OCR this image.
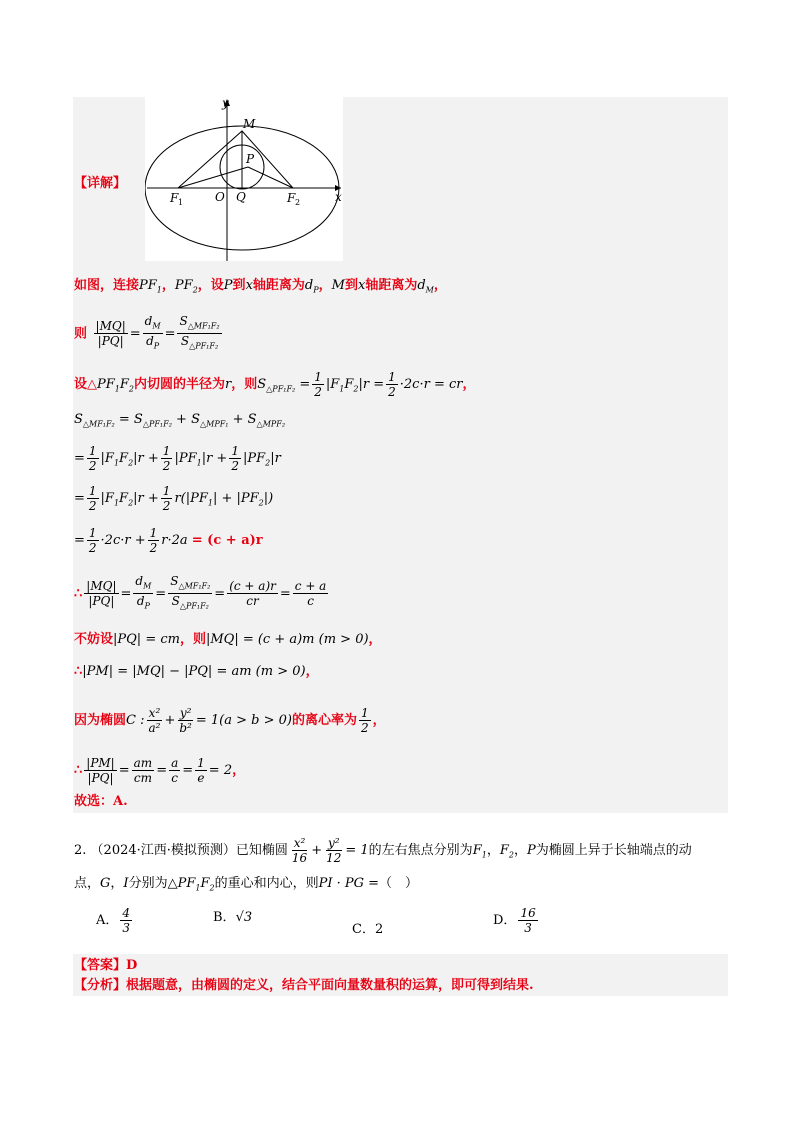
【详解】
y
x
M
P
O Q
F 1	F 2
如图，连接$PF_1$，$PF_2$，设P到x轴距离为$d_P$，M到x轴距离为$d_M$，
则 $\frac{|MQ|}{|PQ|} = \frac{d_M}{d_P} = \frac{S_{\triangle MF_1F_2}}{S_{\triangle PF_1F_2}}$
设$\triangle PF_1F_2$内切圆的半径为r，则$S_{\triangle PF_1F_2} = \frac{1}{2} |F_1F_2|r = \frac{1}{2} \cdot 2c\cdot r$ = cr，
$S_{\triangle MF_1F_2} = S_{\triangle PF_1F_2} + S_{\triangle MPF_1} + S_{\triangle MPF_2}$
= $\frac{1}{2} |F_1F_2|r + \frac{1}{2} |PF_1|r + \frac{1}{2} |PF_2|r$
= $\frac{1}{2} |F_1F_2|r + \frac{1}{2} r(|PF_1| + |PF_2|)$
= $\frac{1}{2} \cdot 2c\cdot r + \frac{1}{2} r\cdot 2a = (c + a)r$
∴ $\frac{|MQ|}{|PQ|} = \frac{d_M}{d_P} = \frac{S_{\triangle MF_1F_2}}{S_{\triangle PF_1F_2}} = \frac{(c + a)r}{cr} = \frac{c + a}{c}$
不妨设|PQ| = cm，则|MQ| = (c + a)m (m > 0)，
∴|PM| = |MQ| − |PQ| = am (m > 0)，
因为椭圆C : $\frac{\text{x²}}{\text{a²}} + \frac{\text{y²}}{\text{b²}} = 1(a > b > 0)$的离心率为 $\frac{1}{2}$ ，
∴ $\frac{|PM|}{|PQ|} = \frac{am}{cm} = \frac{a}{c} = \frac{1}{e} = 2$，
故选：A.
2. （2024·江西·模拟预测）已知椭圆 $\frac{\text{x²}}{16} + \frac{\text{y²}}{12} = 1$的左右焦点分别为$F_1$，$F_2$，P为椭圆上异于长轴端点的动
点，G，I分别为$\triangle PF_1F_2$的重心和内心，则PI · PG =（　）
A． $\frac{4}{3}$	B．√3
C．2
D． $\frac{16}{3}$
【答案】D
【分析】根据题意，由椭圆的定义，结合平面向量数量积的运算，即可得到结果.
